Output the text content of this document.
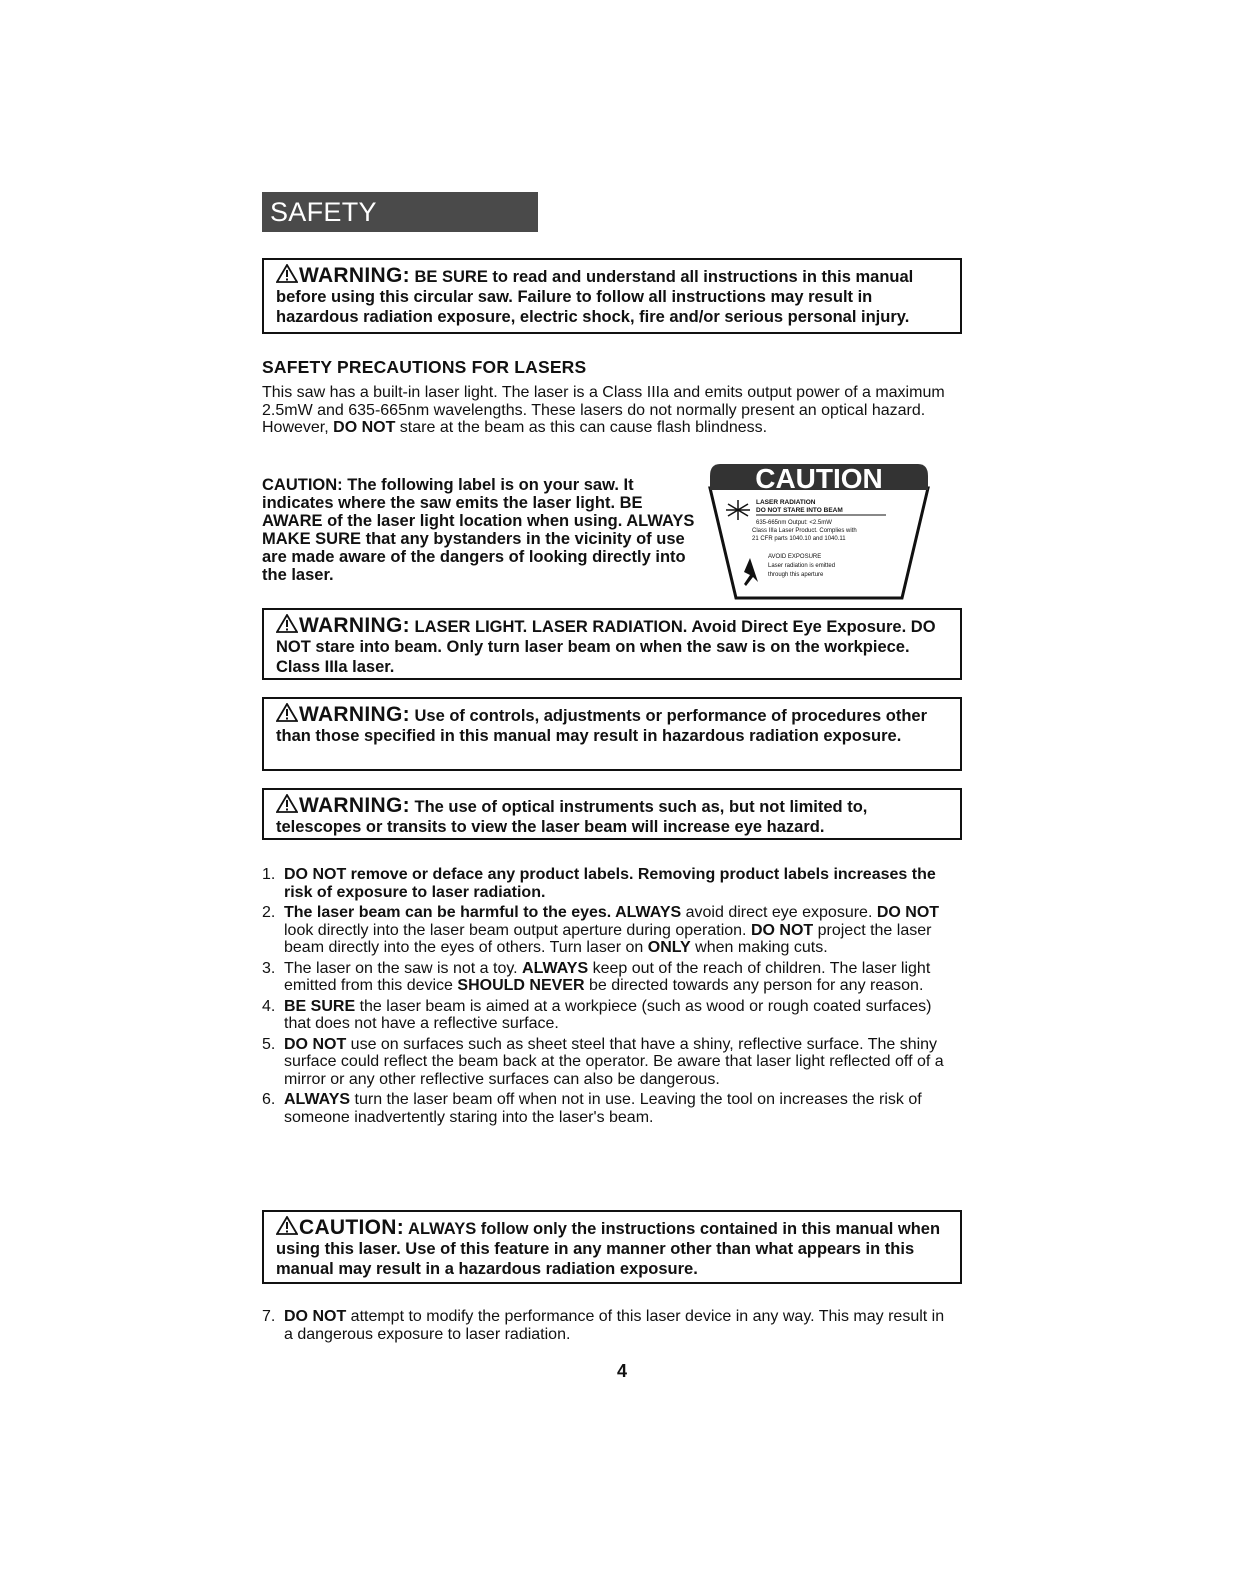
SAFETY INSTRUCTIONS
WARNING: BE SURE to read and understand all instructions in this manual before using this circular saw. Failure to follow all instructions may result in hazardous radiation exposure, electric shock, fire and/or serious personal injury.
SAFETY PRECAUTIONS FOR LASERS
This saw has a built-in laser light. The laser is a Class IIIa and emits output power of a maximum 2.5mW and 635-665nm wavelengths. These lasers do not normally present an optical hazard. However, DO NOT stare at the beam as this can cause flash blindness.
CAUTION: The following label is on your saw. It indicates where the saw emits the laser light. BE AWARE of the laser light location when using. ALWAYS MAKE SURE that any bystanders in the vicinity of use are made aware of the dangers of looking directly into the laser.
CAUTION
LASER RADIATION
DO NOT STARE INTO BEAM
635-665nm Output: <2.5mW
Class IIIa Laser Product. Complies with
21 CFR parts 1040.10 and 1040.11
AVOID EXPOSURE
Laser radiation is emitted
through this aperture
WARNING: LASER LIGHT. LASER RADIATION. Avoid Direct Eye Exposure. DO NOT stare into beam. Only turn laser beam on when the saw is on the workpiece. Class IIIa laser.
WARNING: Use of controls, adjustments or performance of procedures other than those specified in this manual may result in hazardous radiation exposure.
WARNING: The use of optical instruments such as, but not limited to, telescopes or transits to view the laser beam will increase eye hazard.
1. DO NOT remove or deface any product labels. Removing product labels increases the risk of exposure to laser radiation.
2. The laser beam can be harmful to the eyes. ALWAYS avoid direct eye exposure. DO NOT look directly into the laser beam output aperture during operation. DO NOT project the laser beam directly into the eyes of others. Turn laser on ONLY when making cuts.
3. The laser on the saw is not a toy. ALWAYS keep out of the reach of children. The laser light emitted from this device SHOULD NEVER be directed towards any person for any reason.
4. BE SURE the laser beam is aimed at a workpiece (such as wood or rough coated surfaces) that does not have a reflective surface.
5. DO NOT use on surfaces such as sheet steel that have a shiny, reflective surface. The shiny surface could reflect the beam back at the operator. Be aware that laser light reflected off of a mirror or any other reflective surfaces can also be dangerous.
6. ALWAYS turn the laser beam off when not in use. Leaving the tool on increases the risk of someone inadvertently staring into the laser's beam.
CAUTION: ALWAYS follow only the instructions contained in this manual when using this laser. Use of this feature in any manner other than what appears in this manual may result in a hazardous radiation exposure.
7. DO NOT attempt to modify the performance of this laser device in any way. This may result in a dangerous exposure to laser radiation.
4
